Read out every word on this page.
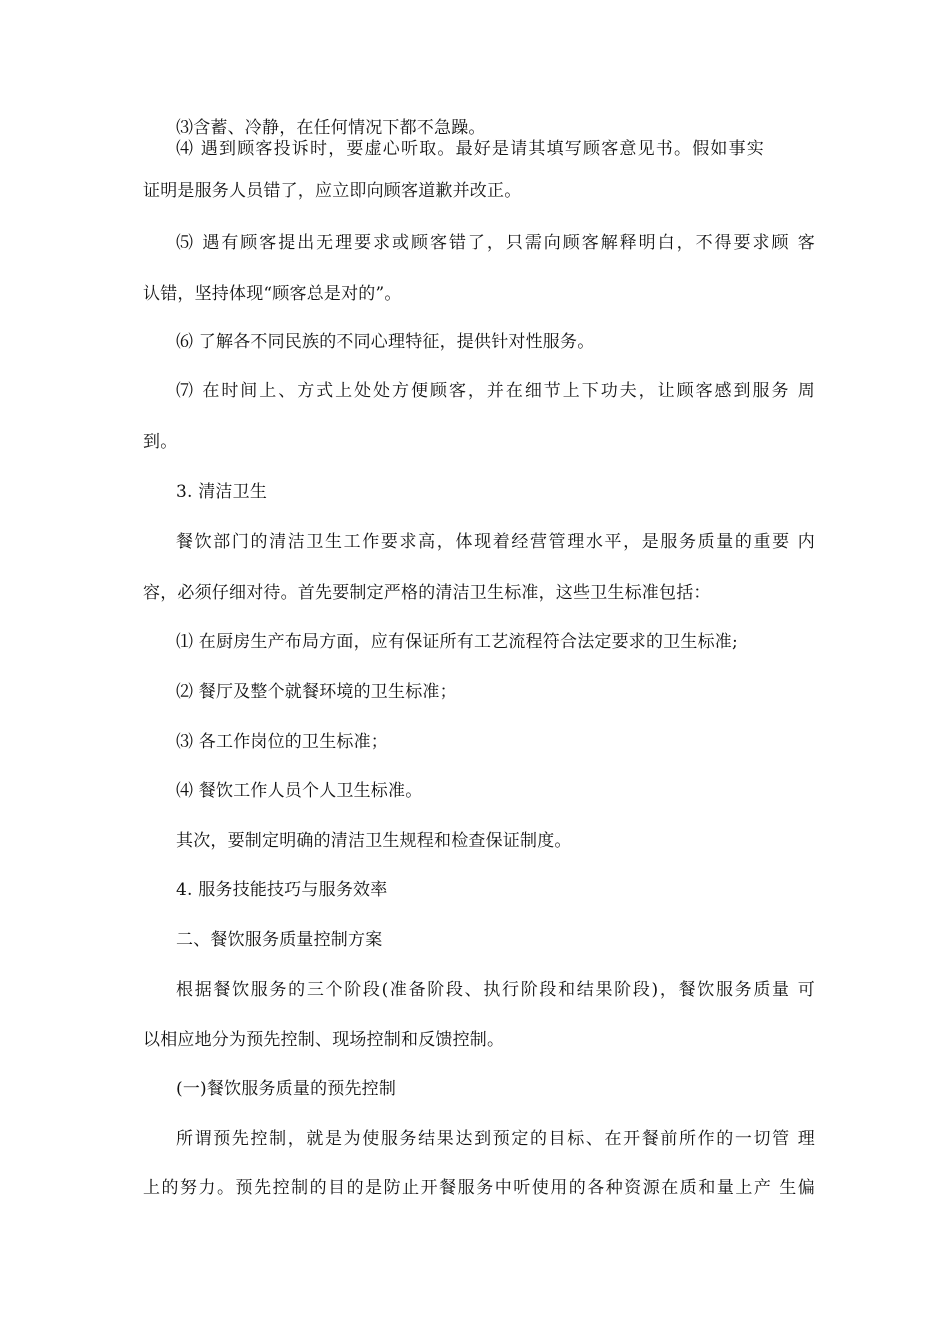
⑶含蓄、冷静，在任何情况下都不急躁。
⑷ 遇到顾客投诉时，要虚心听取。最好是请其填写顾客意见书。假如事实
证明是服务人员错了，应立即向顾客道歉并改正。
⑸ 遇有顾客提出无理要求或顾客错了，只需向顾客解释明白，不得要求顾 客
认错，坚持体现“顾客总是对的”。
⑹ 了解各不同民族的不同心理特征，提供针对性服务。
⑺ 在时间上、方式上处处方便顾客，并在细节上下功夫，让顾客感到服务 周
到。
3. 清洁卫生
餐饮部门的清洁卫生工作要求高，体现着经营管理水平，是服务质量的重要 内
容，必须仔细对待。首先要制定严格的清洁卫生标准，这些卫生标准包括：
⑴ 在厨房生产布局方面，应有保证所有工艺流程符合法定要求的卫生标准;
⑵ 餐厅及整个就餐环境的卫生标准；
⑶ 各工作岗位的卫生标准；
⑷ 餐饮工作人员个人卫生标准。
其次，要制定明确的清洁卫生规程和检查保证制度。
4. 服务技能技巧与服务效率
二、餐饮服务质量控制方案
根据餐饮服务的三个阶段(准备阶段、执行阶段和结果阶段)，餐饮服务质量 可
以相应地分为预先控制、现场控制和反馈控制。
(一)餐饮服务质量的预先控制
所谓预先控制，就是为使服务结果达到预定的目标、在开餐前所作的一切管 理
上的努力。预先控制的目的是防止开餐服务中听使用的各种资源在质和量上产 生偏
